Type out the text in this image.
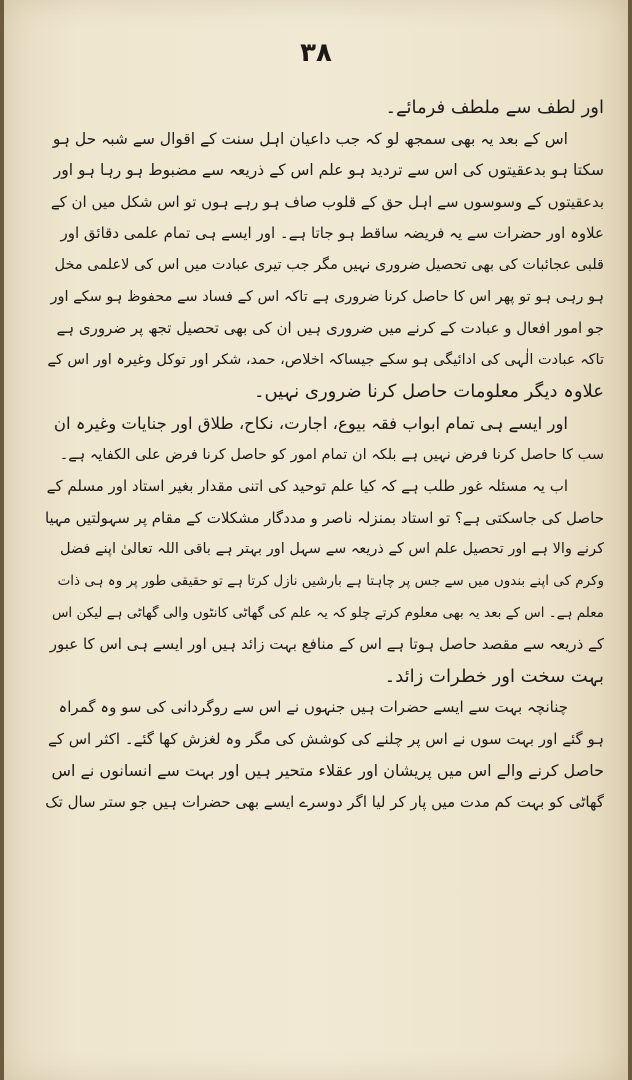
۳۸
اور لطف سے ملطف فرمائے۔
اس کے بعد یہ بھی سمجھ لو کہ جب داعیان اہل سنت کے اقوال سے شبہ حل ہو
سکتا ہو بدعقیتوں کی اس سے تردید ہو علم اس کے ذریعہ سے مضبوط ہو رہا ہو اور
بدعقیتوں کے وسوسوں سے اہل حق کے قلوب صاف ہو رہے ہوں تو اس شکل میں ان کے
علاوہ اور حضرات سے یہ فریضہ ساقط ہو جاتا ہے۔ اور ایسے ہی تمام علمی دقائق اور
قلبی عجائبات کی بھی تحصیل ضروری نہیں مگر جب تیری عبادت میں اس کی لاعلمی مخل
ہو رہی ہو تو پھر اس کا حاصل کرنا ضروری ہے تاکہ اس کے فساد سے محفوظ ہو سکے اور
جو امور افعال و عبادت کے کرنے میں ضروری ہیں ان کی بھی تحصیل تجھ پر ضروری ہے
تاکہ عبادت الٰہی کی ادائیگی ہو سکے جیساکہ اخلاص، حمد، شکر اور توکل وغیرہ اور اس کے
علاوہ دیگر معلومات حاصل کرنا ضروری نہیں۔
اور ایسے ہی تمام ابواب فقہ بیوع، اجارت، نکاح، طلاق اور جنایات وغیرہ ان
سب کا حاصل کرنا فرض نہیں ہے بلکہ ان تمام امور کو حاصل کرنا فرض علی الکفایہ ہے۔
اب یہ مسئلہ غور طلب ہے کہ کیا علم توحید کی اتنی مقدار بغیر استاد اور مسلم کے
حاصل کی جاسکتی ہے؟ تو استاد بمنزلہ ناصر و مددگار مشکلات کے مقام پر سہولتیں مہیا
کرنے والا ہے اور تحصیل علم اس کے ذریعہ سے سہل اور بہتر ہے باقی اللہ تعالیٰ اپنے فضل
وکرم کی اپنے بندوں میں سے جس پر چاہتا ہے بارشیں نازل کرتا ہے تو حقیقی طور پر وہ ہی ذات
معلم ہے۔ اس کے بعد یہ بھی معلوم کرتے چلو کہ یہ علم کی گھاٹی کانٹوں والی گھاٹی ہے لیکن اس
کے ذریعہ سے مقصد حاصل ہوتا ہے اس کے منافع بہت زائد ہیں اور ایسے ہی اس کا عبور
بہت سخت اور خطرات زائد۔
چنانچہ بہت سے ایسے حضرات ہیں جنہوں نے اس سے روگردانی کی سو وہ گمراہ
ہو گئے اور بہت سوں نے اس پر چلنے کی کوشش کی مگر وہ لغزش کھا گئے۔ اکثر اس کے
حاصل کرنے والے اس میں پریشان اور عقلاء متحیر ہیں اور بہت سے انسانوں نے اس
گھاٹی کو بہت کم مدت میں پار کر لیا اگر دوسرے ایسے بھی حضرات ہیں جو ستر سال تک
